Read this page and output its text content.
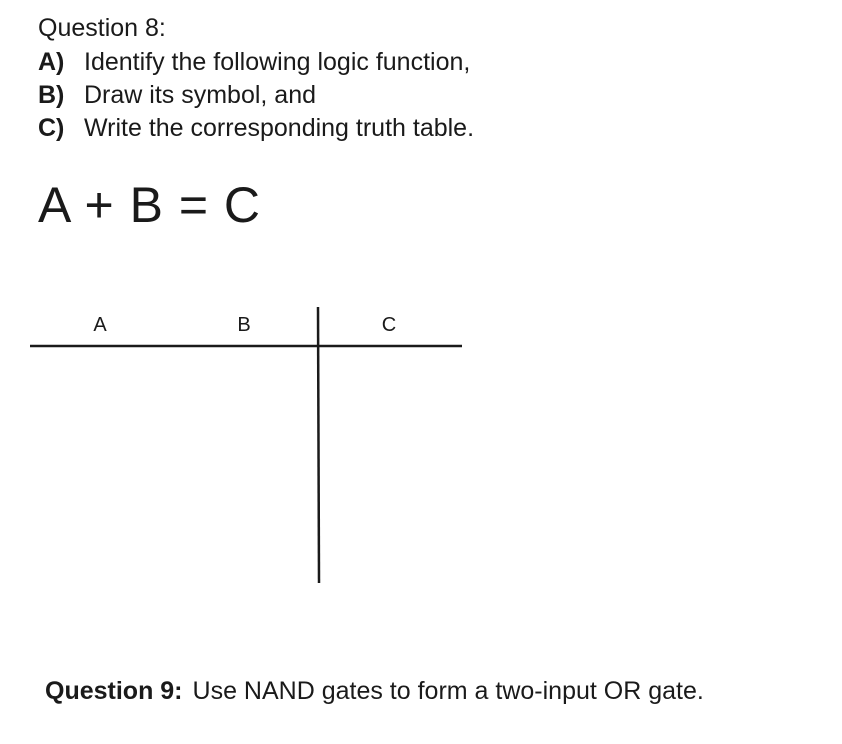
Question 8:
A) Identify the following logic function,
B) Draw its symbol, and
C) Write the corresponding truth table.
A + B = C
A	B	C
Question 9: Use NAND gates to form a two-input OR gate.
